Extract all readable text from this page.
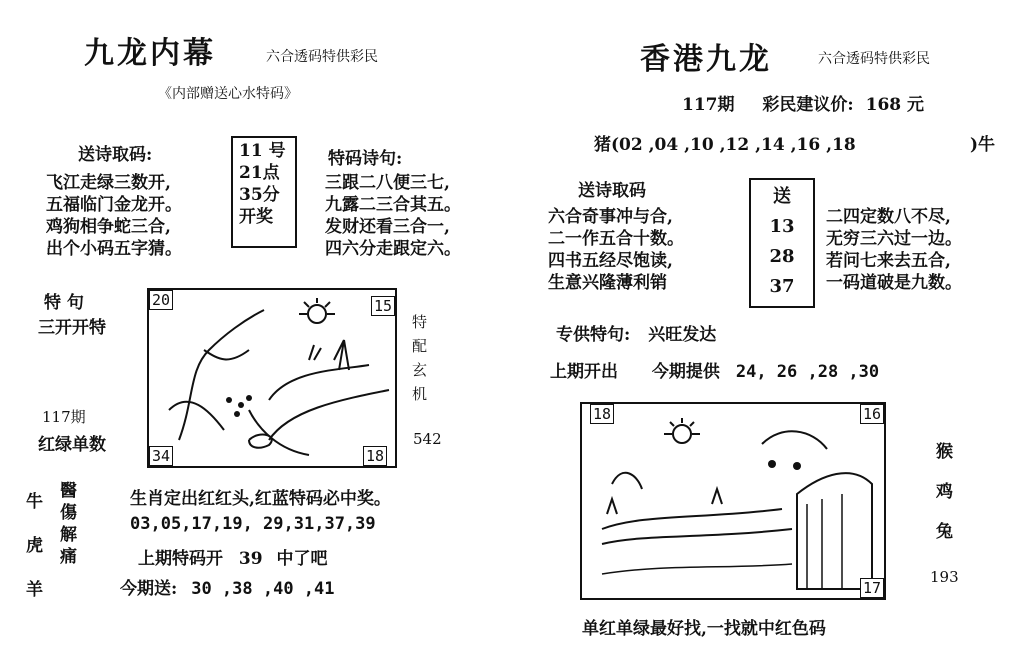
九龙内幕	六合透码特供彩民
《内部赠送心水特码》
送诗取码:	11 号
21点
35分
开奖
特码诗句:
飞江走绿三数开,
五福临门金龙开。
鸡狗相争蛇三合,
出个小码五字猜。
三跟二八便三七,
九露二三合其五。
发财还看三合一,
四六分走跟定六。
特 句
三开开特
117期
红绿单数
20	15
34	18
特
配
玄
机
542
牛
虎
羊
醫
傷
解
痛
生肖定出红红头,红蓝特码必中奖。
03,05,17,19, 29,31,37,39
上期特码开 39 中了吧
今期送: 30 ,38 ,40 ,41
香港九龙	六合透码特供彩民
117期 彩民建议价: 168 元
猪(02 ,04 ,10 ,12 ,14 ,16 ,18	)牛
送诗取码	送
13
28
37
六合奇事冲与合,
二一作五合十数。
四书五经尽饱读,
生意兴隆薄利销
二四定数八不尽,
无穷三六过一边。
若问七来去五合,
一码道破是九数。
专供特句: 兴旺发达
上期开出 今期提供 24, 26 ,28 ,30
18	16
17
猴
鸡
兔
193
单红单绿最好找,一找就中红色码
